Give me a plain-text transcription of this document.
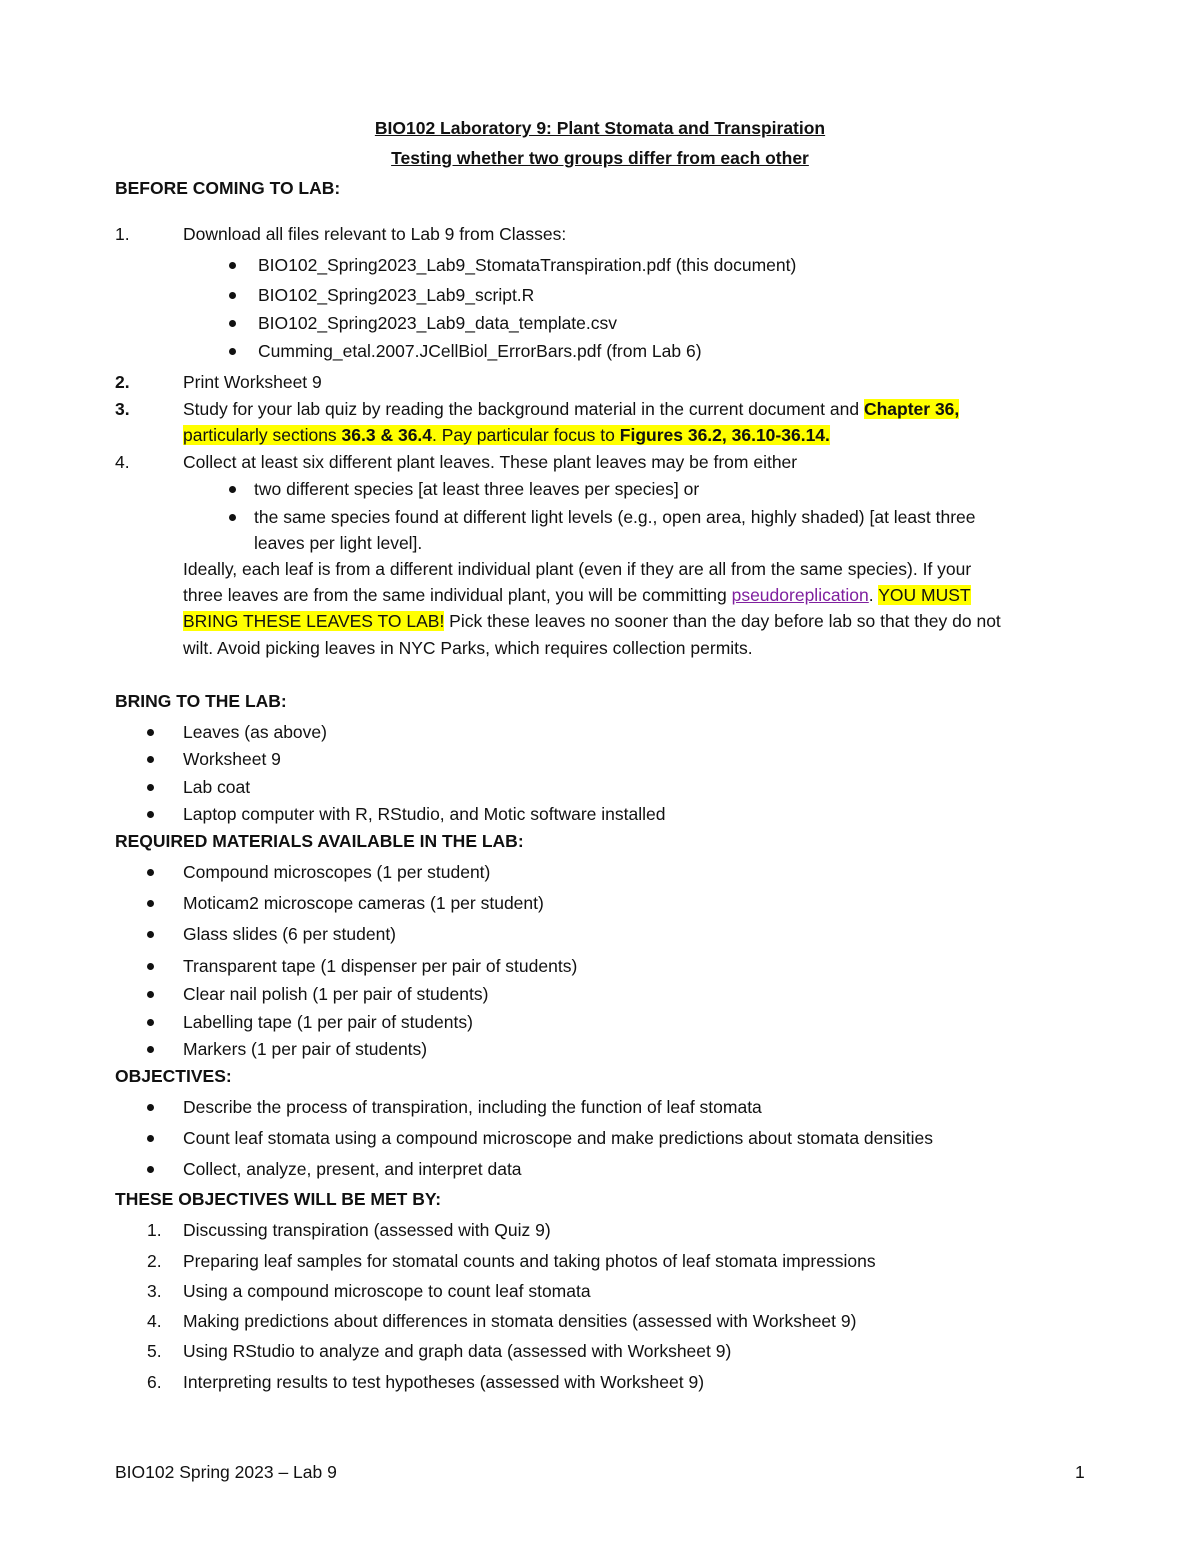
BIO102 Laboratory 9: Plant Stomata and Transpiration
Testing whether two groups differ from each other
BEFORE COMING TO LAB:
1.	Download all files relevant to Lab 9 from Classes:
BIO102_Spring2023_Lab9_StomataTranspiration.pdf (this document)
BIO102_Spring2023_Lab9_script.R
BIO102_Spring2023_Lab9_data_template.csv
Cumming_etal.2007.JCellBiol_ErrorBars.pdf (from Lab 6)
2.	Print Worksheet 9
3.	Study for your lab quiz by reading the background material in the current document and Chapter 36,
particularly sections 36.3 & 36.4. Pay particular focus to Figures 36.2, 36.10-36.14.
4.	Collect at least six different plant leaves. These plant leaves may be from either
two different species [at least three leaves per species] or
the same species found at different light levels (e.g., open area, highly shaded) [at least three
leaves per light level].
Ideally, each leaf is from a different individual plant (even if they are all from the same species). If your
three leaves are from the same individual plant, you will be committing pseudoreplication. YOU MUST
BRING THESE LEAVES TO LAB! Pick these leaves no sooner than the day before lab so that they do not
wilt. Avoid picking leaves in NYC Parks, which requires collection permits.
BRING TO THE LAB:
Leaves (as above)
Worksheet 9
Lab coat
Laptop computer with R, RStudio, and Motic software installed
REQUIRED MATERIALS AVAILABLE IN THE LAB:
Compound microscopes (1 per student)
Moticam2 microscope cameras (1 per student)
Glass slides (6 per student)
Transparent tape (1 dispenser per pair of students)
Clear nail polish (1 per pair of students)
Labelling tape (1 per pair of students)
Markers (1 per pair of students)
OBJECTIVES:
Describe the process of transpiration, including the function of leaf stomata
Count leaf stomata using a compound microscope and make predictions about stomata densities
Collect, analyze, present, and interpret data
THESE OBJECTIVES WILL BE MET BY:
1. Discussing transpiration (assessed with Quiz 9)
2. Preparing leaf samples for stomatal counts and taking photos of leaf stomata impressions
3. Using a compound microscope to count leaf stomata
4. Making predictions about differences in stomata densities (assessed with Worksheet 9)
5. Using RStudio to analyze and graph data (assessed with Worksheet 9)
6. Interpreting results to test hypotheses (assessed with Worksheet 9)
BIO102 Spring 2023 – Lab 9	1
